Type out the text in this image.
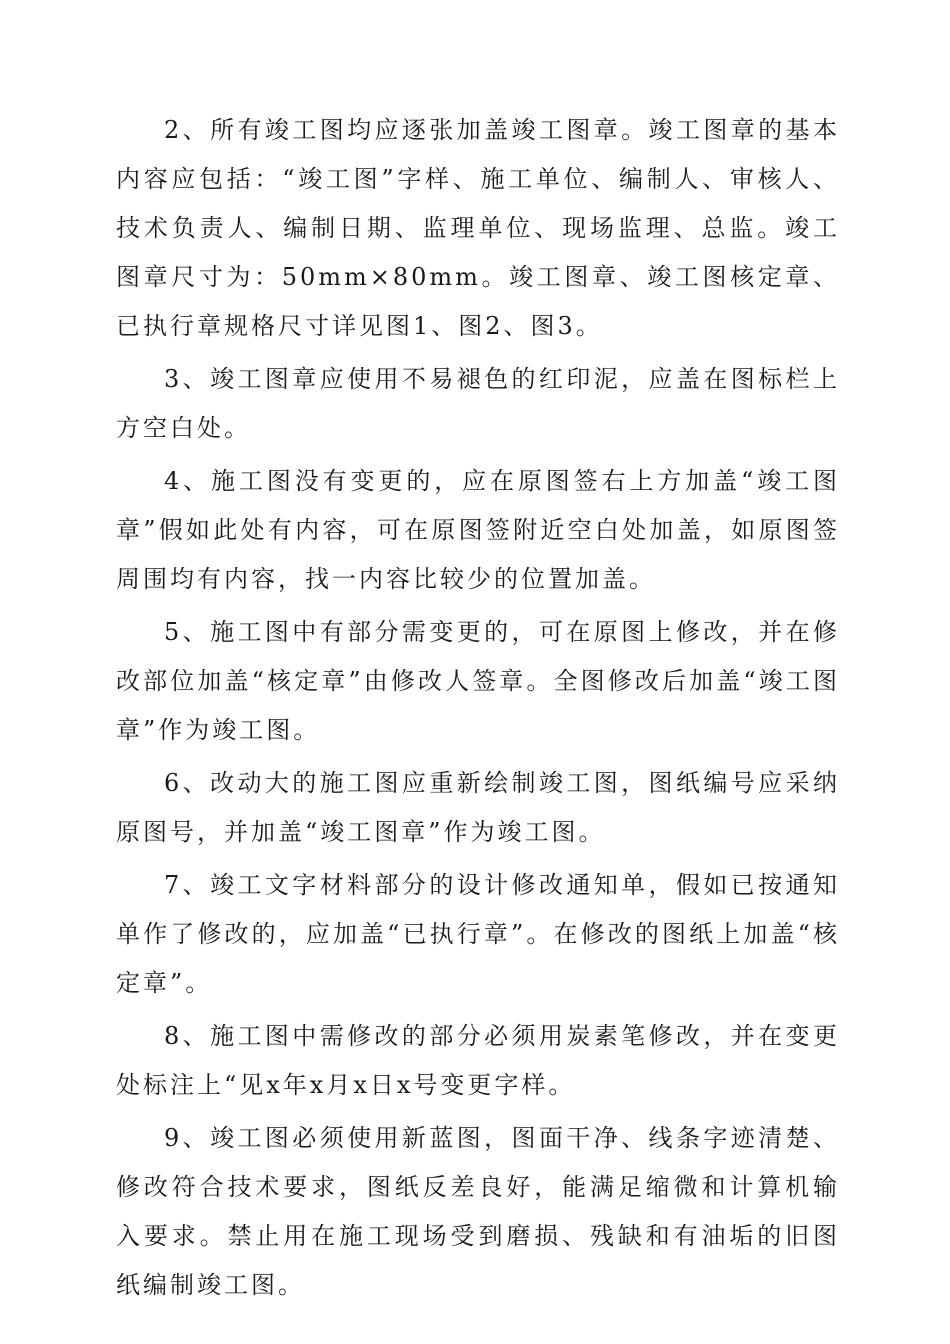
2、所有竣工图均应逐张加盖竣工图章。竣工图章的基本内容应包括：“竣工图”字样、施工单位、编制人、审核人、技术负责人、编制日期、监理单位、现场监理、总监。竣工图章尺寸为：50mm×80mm。竣工图章、竣工图核定章、已执行章规格尺寸详见图1、图2、图3。

3、竣工图章应使用不易褪色的红印泥，应盖在图标栏上方空白处。

4、施工图没有变更的，应在原图签右上方加盖“竣工图章”假如此处有内容，可在原图签附近空白处加盖，如原图签周围均有内容，找一内容比较少的位置加盖。

5、施工图中有部分需变更的，可在原图上修改，并在修改部位加盖“核定章”由修改人签章。全图修改后加盖“竣工图章”作为竣工图。

6、改动大的施工图应重新绘制竣工图，图纸编号应采纳原图号，并加盖“竣工图章”作为竣工图。

7、竣工文字材料部分的设计修改通知单，假如已按通知单作了修改的，应加盖“已执行章”。在修改的图纸上加盖“核定章”。

8、施工图中需修改的部分必须用炭素笔修改，并在变更处标注上“见x年x月x日x号变更字样。

9、竣工图必须使用新蓝图，图面干净、线条字迹清楚、修改符合技术要求，图纸反差良好，能满足缩微和计算机输入要求。禁止用在施工现场受到磨损、残缺和有油垢的旧图纸编制竣工图。
